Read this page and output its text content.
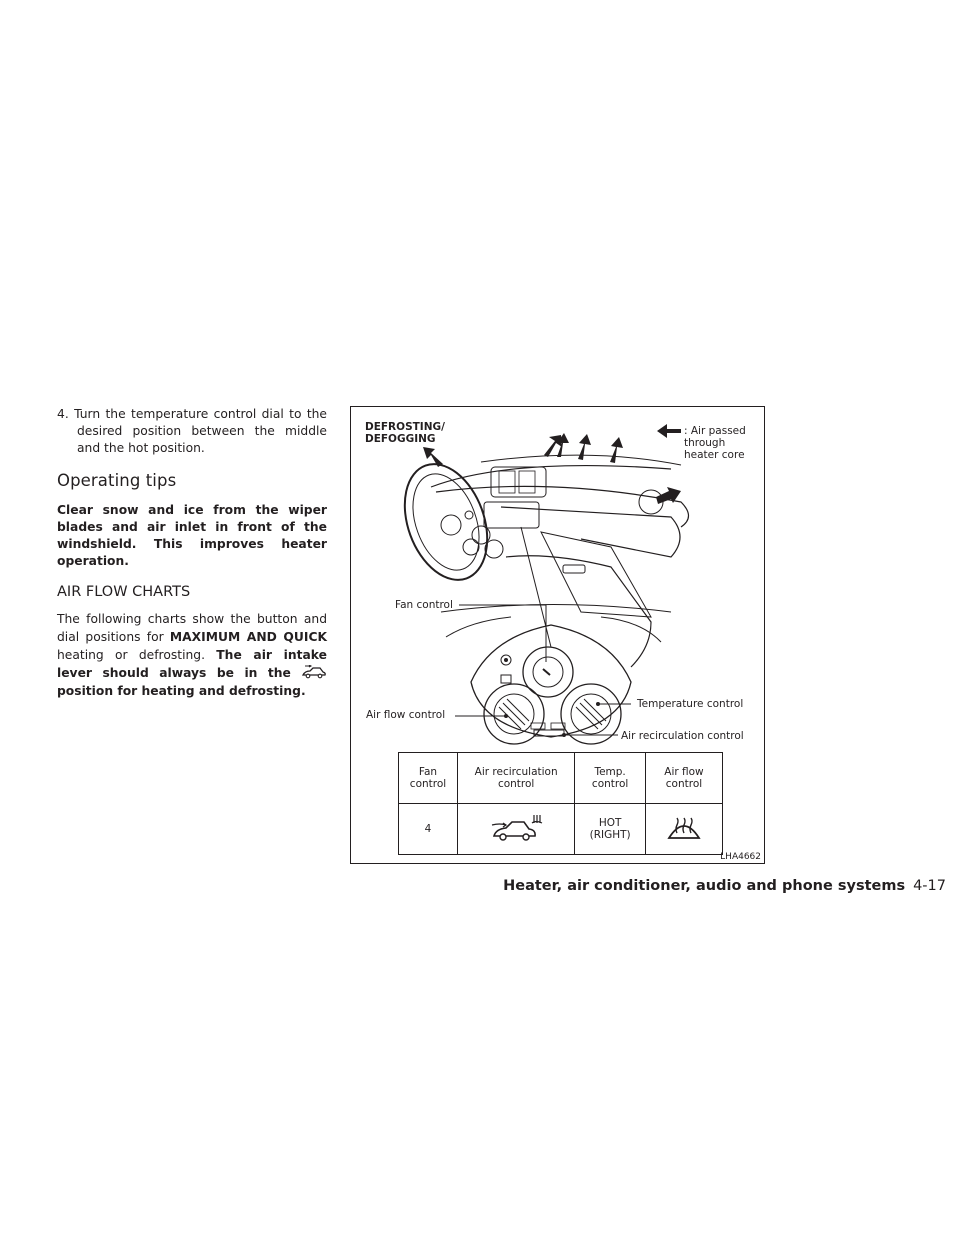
4. Turn the temperature control dial to the desired position between the middle and the hot position.

Operating tips

Clear snow and ice from the wiper blades and air inlet in front of the windshield. This improves heater operation.

AIR FLOW CHARTS

The following charts show the button and dial positions for MAXIMUM AND QUICK heating or defrosting. The air intake lever should always be in the  position for heating and defrosting.

DEFROSTING/ DEFOGGING
: Air passed through heater core
Fan control
Air flow control
Temperature control
Air recirculation control
Fan control	Air recirculation control	Temp. control	Air flow control
4		HOT (RIGHT)	
LHA4662
Heater, air conditioner, audio and phone systems 4-17
